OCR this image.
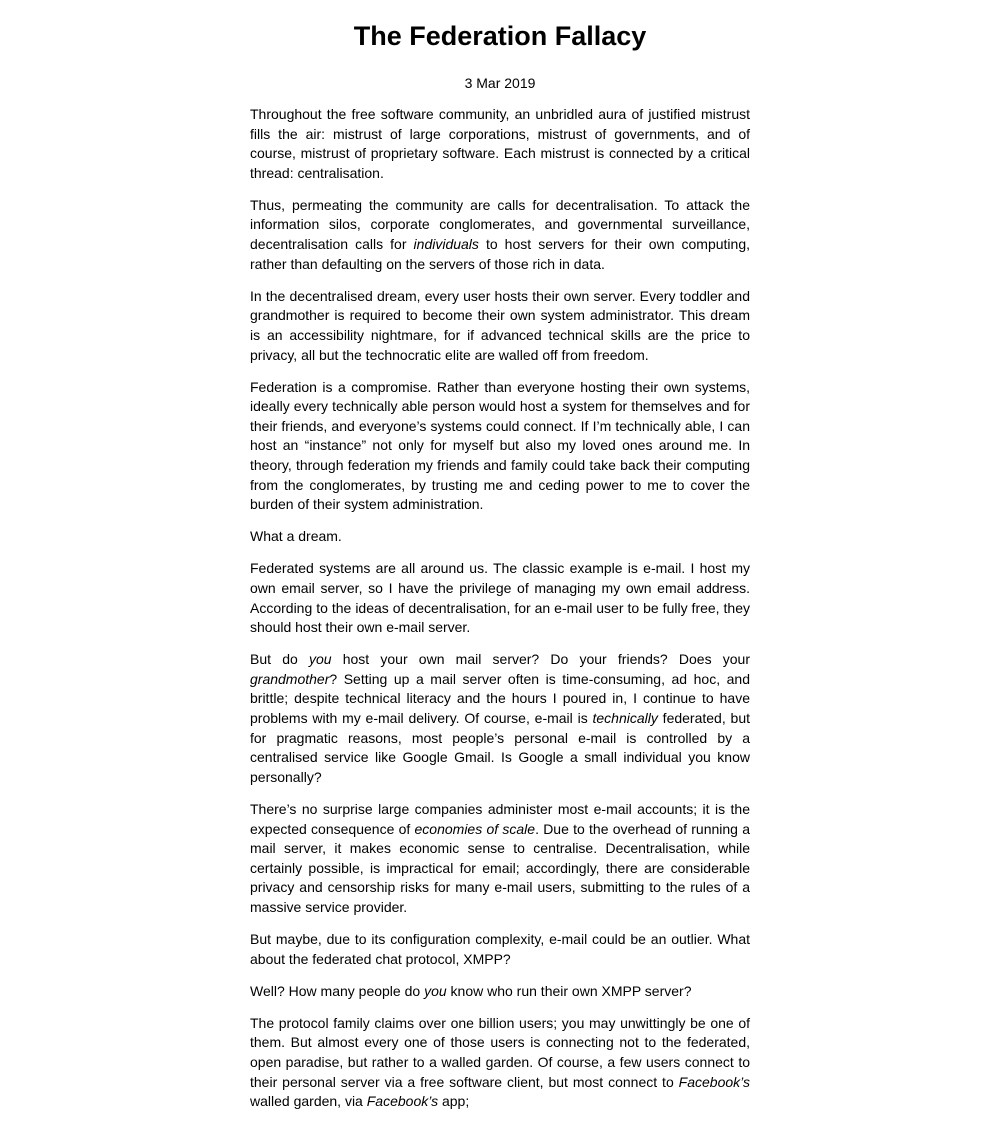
The Federation Fallacy
3 Mar 2019

Throughout the free software community, an unbridled aura of justified mistrust fills the air: mistrust of large corporations, mistrust of governments, and of course, mistrust of proprietary software. Each mistrust is connected by a critical thread: centralisation.

Thus, permeating the community are calls for decentralisation. To attack the information silos, corporate conglomerates, and governmental surveillance, decentralisation calls for individuals to host servers for their own computing, rather than defaulting on the servers of those rich in data.

In the decentralised dream, every user hosts their own server. Every toddler and grandmother is required to become their own system administrator. This dream is an accessibility nightmare, for if advanced technical skills are the price to privacy, all but the technocratic elite are walled off from freedom.

Federation is a compromise. Rather than everyone hosting their own systems, ideally every technically able person would host a system for themselves and for their friends, and everyone’s systems could connect. If I’m technically able, I can host an “instance” not only for myself but also my loved ones around me. In theory, through federation my friends and family could take back their computing from the conglomerates, by trusting me and ceding power to me to cover the burden of their system administration.

What a dream.

Federated systems are all around us. The classic example is e-mail. I host my own email server, so I have the privilege of managing my own email address. According to the ideas of decentralisation, for an e-mail user to be fully free, they should host their own e-mail server.

But do you host your own mail server? Do your friends? Does your grandmother? Setting up a mail server often is time-consuming, ad hoc, and brittle; despite technical literacy and the hours I poured in, I continue to have problems with my e-mail delivery. Of course, e-mail is technically federated, but for pragmatic reasons, most people’s personal e-mail is controlled by a centralised service like Google Gmail. Is Google a small individual you know personally?

There’s no surprise large companies administer most e-mail accounts; it is the expected consequence of economies of scale. Due to the overhead of running a mail server, it makes economic sense to centralise. Decentralisation, while certainly possible, is impractical for email; accordingly, there are considerable privacy and censorship risks for many e-mail users, submitting to the rules of a massive service provider.

But maybe, due to its configuration complexity, e-mail could be an outlier. What about the federated chat protocol, XMPP?

Well? How many people do you know who run their own XMPP server?

The protocol family claims over one billion users; you may unwittingly be one of them. But almost every one of those users is connecting not to the federated, open paradise, but rather to a walled garden. Of course, a few users connect to their personal server via a free software client, but most connect to Facebook’s walled garden, via Facebook’s app;
